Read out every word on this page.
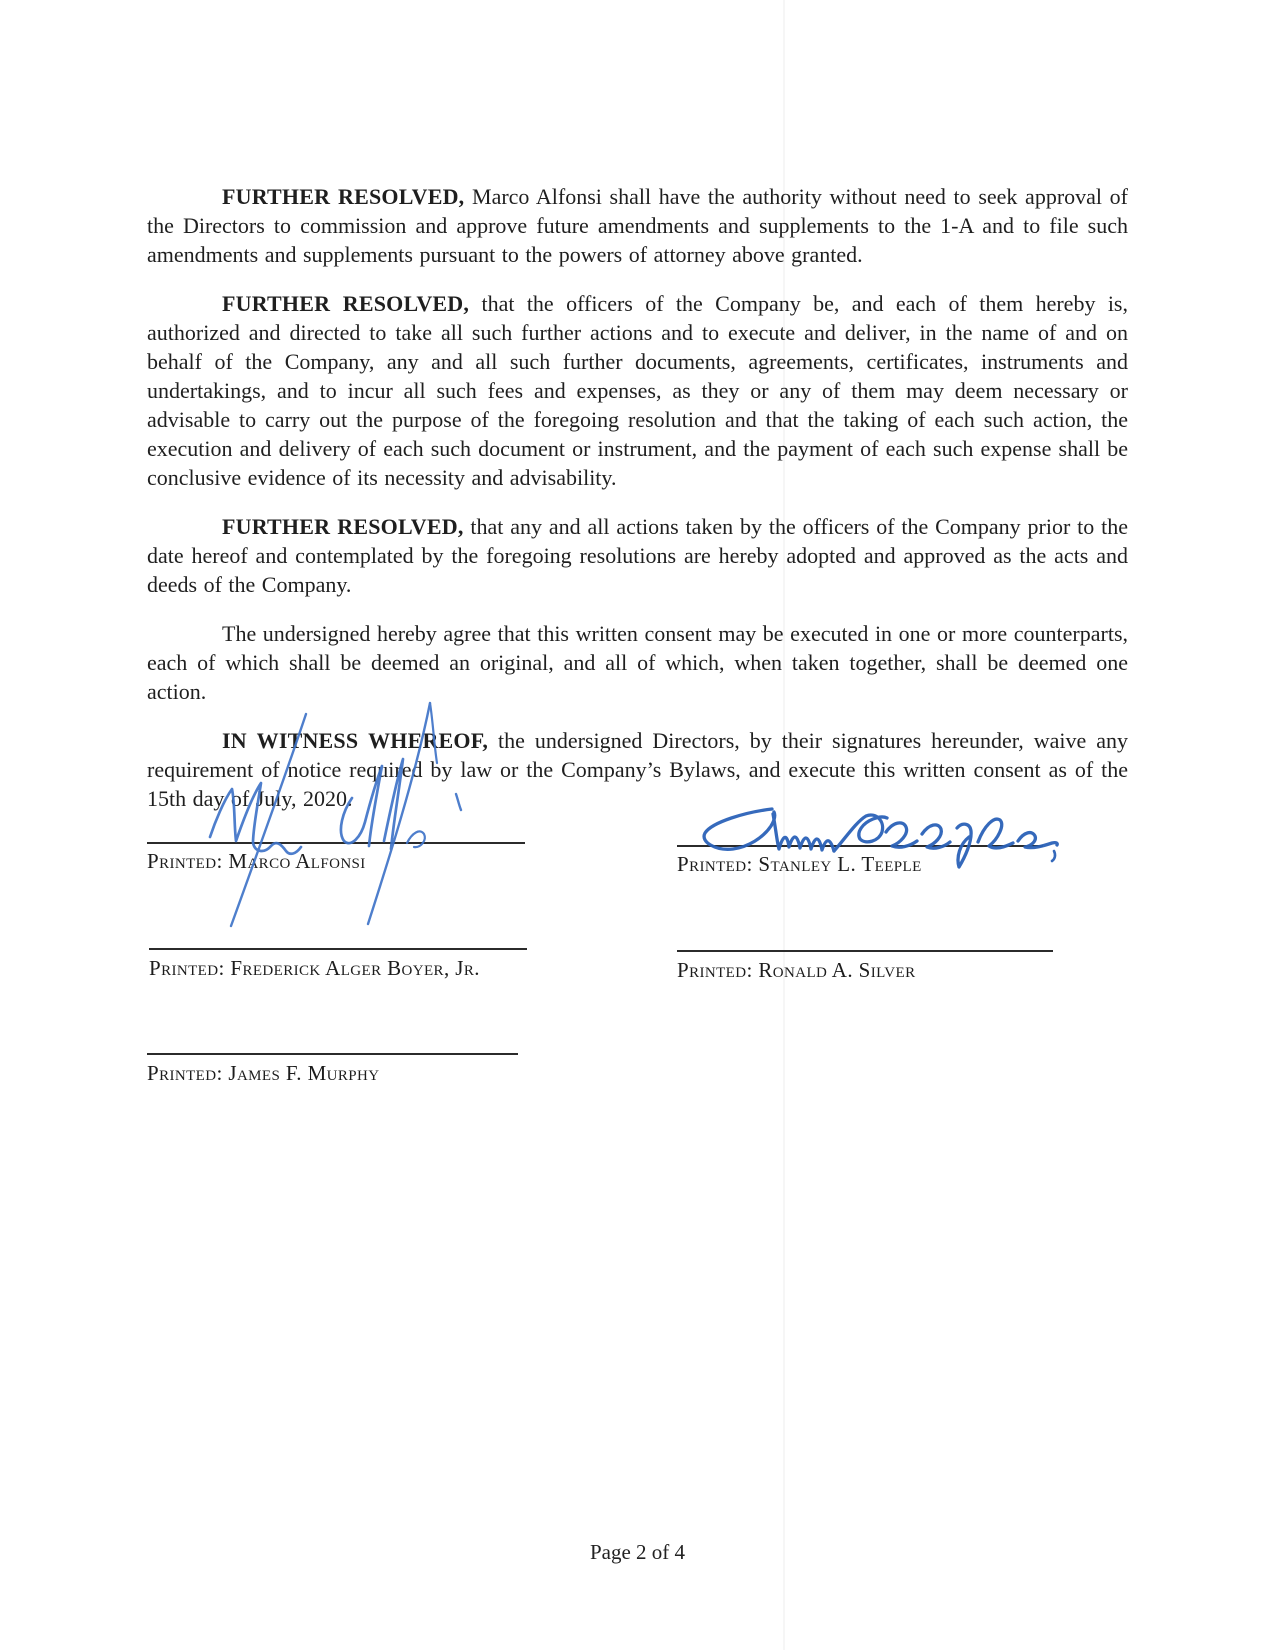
FURTHER RESOLVED, Marco Alfonsi shall have the authority without need to seek approval of the Directors to commission and approve future amendments and supplements to the 1-A and to file such amendments and supplements pursuant to the powers of attorney above granted.

FURTHER RESOLVED, that the officers of the Company be, and each of them hereby is, authorized and directed to take all such further actions and to execute and deliver, in the name of and on behalf of the Company, any and all such further documents, agreements, certificates, instruments and undertakings, and to incur all such fees and expenses, as they or any of them may deem necessary or advisable to carry out the purpose of the foregoing resolution and that the taking of each such action, the execution and delivery of each such document or instrument, and the payment of each such expense shall be conclusive evidence of its necessity and advisability.

FURTHER RESOLVED, that any and all actions taken by the officers of the Company prior to the date hereof and contemplated by the foregoing resolutions are hereby adopted and approved as the acts and deeds of the Company.

The undersigned hereby agree that this written consent may be executed in one or more counterparts, each of which shall be deemed an original, and all of which, when taken together, shall be deemed one action.

IN WITNESS WHEREOF, the undersigned Directors, by their signatures hereunder, waive any requirement of notice required by law or the Company’s Bylaws, and execute this written consent as of the 15th day of July, 2020.

Printed: Marco Alfonsi	Printed: Stanley L. Teeple
Printed: Frederick Alger Boyer, Jr.	Printed: Ronald A. Silver
Printed: James F. Murphy
Page 2 of 4
